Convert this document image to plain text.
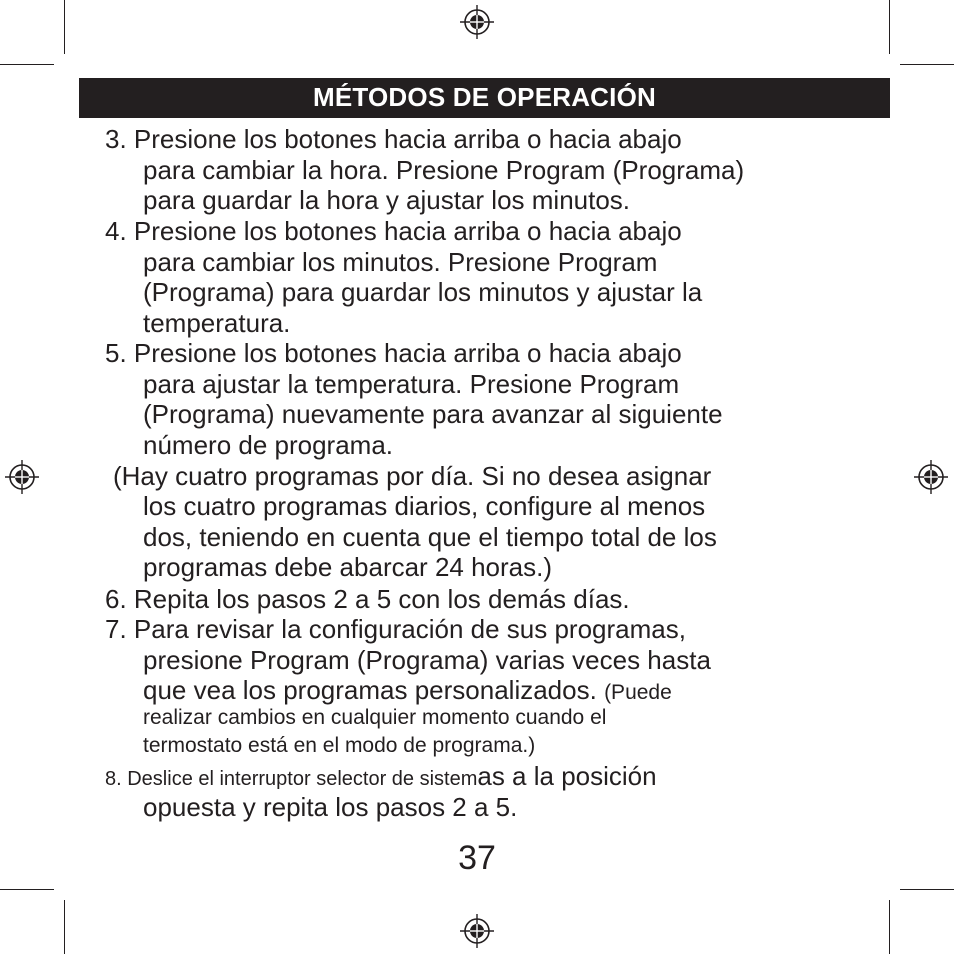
MÉTODOS DE OPERACIÓN
3. Presione los botones hacia arriba o hacia abajo
para cambiar la hora. Presione Program (Programa)
para guardar la hora y ajustar los minutos.
4. Presione los botones hacia arriba o hacia abajo
para cambiar los minutos. Presione Program
(Programa) para guardar los minutos y ajustar la
temperatura.
5. Presione los botones hacia arriba o hacia abajo
para ajustar la temperatura. Presione Program
(Programa) nuevamente para avanzar al siguiente
número de programa.
(Hay cuatro programas por día. Si no desea asignar
los cuatro programas diarios, configure al menos
dos, teniendo en cuenta que el tiempo total de los
programas debe abarcar 24 horas.)
6. Repita los pasos 2 a 5 con los demás días.
7. Para revisar la configuración de sus programas,
presione Program (Programa) varias veces hasta
que vea los programas personalizados. (Puede
realizar cambios en cualquier momento cuando el
termostato está en el modo de programa.)
8. Deslice el interruptor selector de sistemas a la posición
opuesta y repita los pasos 2 a 5.
37
